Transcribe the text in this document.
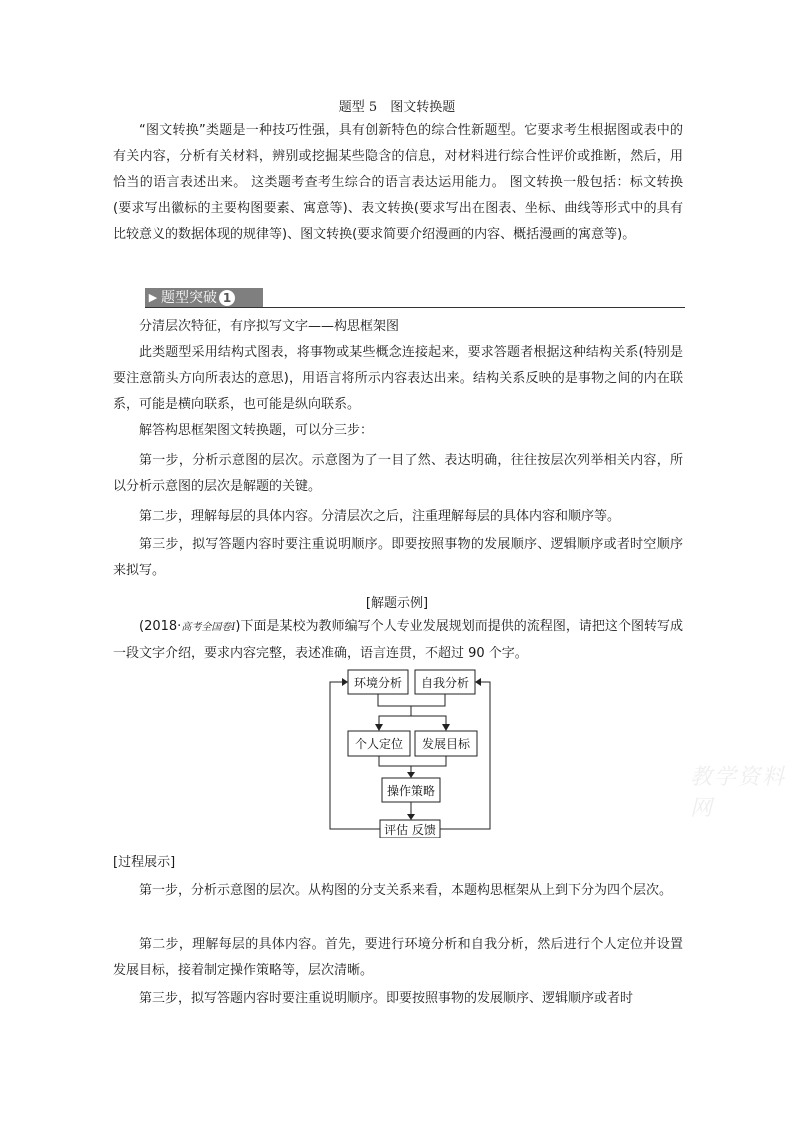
题型 5　图文转换题

“图文转换”类题是一种技巧性强，具有创新特色的综合性新题型。它要求考生根据图或表中的有关内容，分析有关材料，辨别或挖掘某些隐含的信息，对材料进行综合性评价或推断，然后，用恰当的语言表述出来。 这类题考查考生综合的语言表达运用能力。 图文转换一般包括：标文转换(要求写出徽标的主要构图要素、寓意等)、表文转换(要求写出在图表、坐标、曲线等形式中的具有比较意义的数据体现的规律等)、图文转换(要求简要介绍漫画的内容、概括漫画的寓意等)。

▶ 题型突破 1

分清层次特征，有序拟写文字——构思框架图

此类题型采用结构式图表，将事物或某些概念连接起来，要求答题者根据这种结构关系(特别是要注意箭头方向所表达的意思)，用语言将所示内容表达出来。结构关系反映的是事物之间的内在联系，可能是横向联系，也可能是纵向联系。

解答构思框架图文转换题，可以分三步：

第一步，分析示意图的层次。示意图为了一目了然、表达明确，往往按层次列举相关内容，所以分析示意图的层次是解题的关键。

第二步，理解每层的具体内容。分清层次之后，注重理解每层的具体内容和顺序等。

第三步，拟写答题内容时要注重说明顺序。即要按照事物的发展顺序、逻辑顺序或者时空顺序来拟写。

[解题示例]

(2018·高考全国卷Ⅰ)下面是某校为教师编写个人专业发展规划而提供的流程图，请把这个图转写成一段文字介绍，要求内容完整，表述准确，语言连贯，不超过 90 个字。

环境分析 自我分析
个人定位 发展目标
操作策略
评估 反馈
教学资料网

[过程展示]

第一步，分析示意图的层次。从构图的分支关系来看，本题构思框架从上到下分为四个层次。

第二步，理解每层的具体内容。首先，要进行环境分析和自我分析，然后进行个人定位并设置发展目标，接着制定操作策略等，层次清晰。

第三步，拟写答题内容时要注重说明顺序。即要按照事物的发展顺序、逻辑顺序或者时
